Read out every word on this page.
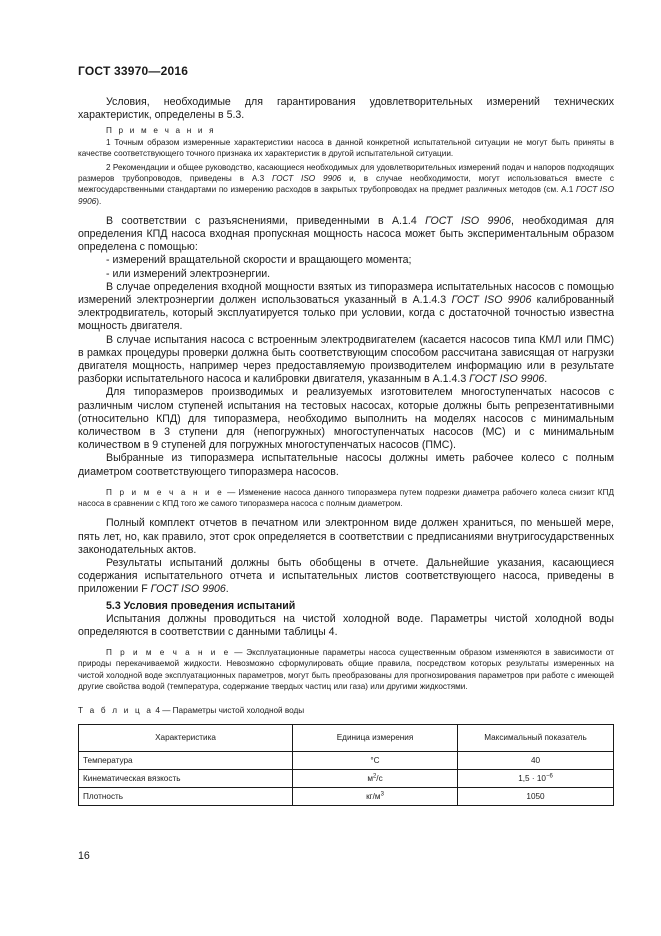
ГОСТ 33970—2016

Условия, необходимые для гарантирования удовлетворительных измерений технических характеристик, определены в 5.3.

П р и м е ч а н и я

1 Точным образом измеренные характеристики насоса в данной конкретной испытательной ситуации не могут быть приняты в качестве соответствующего точного признака их характеристик в другой испытательной ситуации.

2 Рекомендации и общее руководство, касающиеся необходимых для удовлетворительных измерений подач и напоров подходящих размеров трубопроводов, приведены в А.3 ГОСТ ISO 9906 и, в случае необходимости, могут использоваться вместе с межгосударственными стандартами по измерению расходов в закрытых трубопроводах на предмет различных методов (см. А.1 ГОСТ ISO 9906).

В соответствии с разъяснениями, приведенными в А.1.4 ГОСТ ISO 9906, необходимая для определения КПД насоса входная пропускная мощность насоса может быть экспериментальным образом определена с помощью:

- измерений вращательной скорости и вращающего момента;

- или измерений электроэнергии.

В случае определения входной мощности взятых из типоразмера испытательных насосов с помощью измерений электроэнергии должен использоваться указанный в А.1.4.3 ГОСТ ISO 9906 калиброванный электродвигатель, который эксплуатируется только при условии, когда с достаточной точностью известна мощность двигателя.

В случае испытания насоса с встроенным электродвигателем (касается насосов типа КМЛ или ПМС) в рамках процедуры проверки должна быть соответствующим способом рассчитана зависящая от нагрузки двигателя мощность, например через предоставляемую производителем информацию или в результате разборки испытательного насоса и калибровки двигателя, указанным в А.1.4.3 ГОСТ ISO 9906.

Для типоразмеров производимых и реализуемых изготовителем многоступенчатых насосов с различным числом ступеней испытания на тестовых насосах, которые должны быть репрезентативными (относительно КПД) для типоразмера, необходимо выполнить на моделях насосов с минимальным количеством в 3 ступени для (непогружных) многоступенчатых насосов (МС) и с минимальным количеством в 9 ступеней для погружных многоступенчатых насосов (ПМС).

Выбранные из типоразмера испытательные насосы должны иметь рабочее колесо с полным диаметром соответствующего типоразмера насосов.

П р и м е ч а н и е — Изменение насоса данного типоразмера путем подрезки диаметра рабочего колеса снизит КПД насоса в сравнении с КПД того же самого типоразмера насоса с полным диаметром.

Полный комплект отчетов в печатном или электронном виде должен храниться, по меньшей мере, пять лет, но, как правило, этот срок определяется в соответствии с предписаниями внутригосударственных законодательных актов.

Результаты испытаний должны быть обобщены в отчете. Дальнейшие указания, касающиеся содержания испытательного отчета и испытательных листов соответствующего насоса, приведены в приложении F ГОСТ ISO 9906.

5.3 Условия проведения испытаний

Испытания должны проводиться на чистой холодной воде. Параметры чистой холодной воды определяются в соответствии с данными таблицы 4.

П р и м е ч а н и е — Эксплуатационные параметры насоса существенным образом изменяются в зависимости от природы перекачиваемой жидкости. Невозможно сформулировать общие правила, посредством которых результаты измеренных на чистой холодной воде эксплуатационных параметров, могут быть преобразованы для прогнозирования параметров при работе с имеющей другие свойства водой (температура, содержание твердых частиц или газа) или другими жидкостями.

Т а б л и ц а 4 — Параметры чистой холодной воды

Характеристика	Единица измерения	Максимальный показатель
Температура	°C	40
Кинематическая вязкость	$м^2/с$	$1,5 \cdot 10^{-6}$
Плотность	$кг/м^3$	1050
16
